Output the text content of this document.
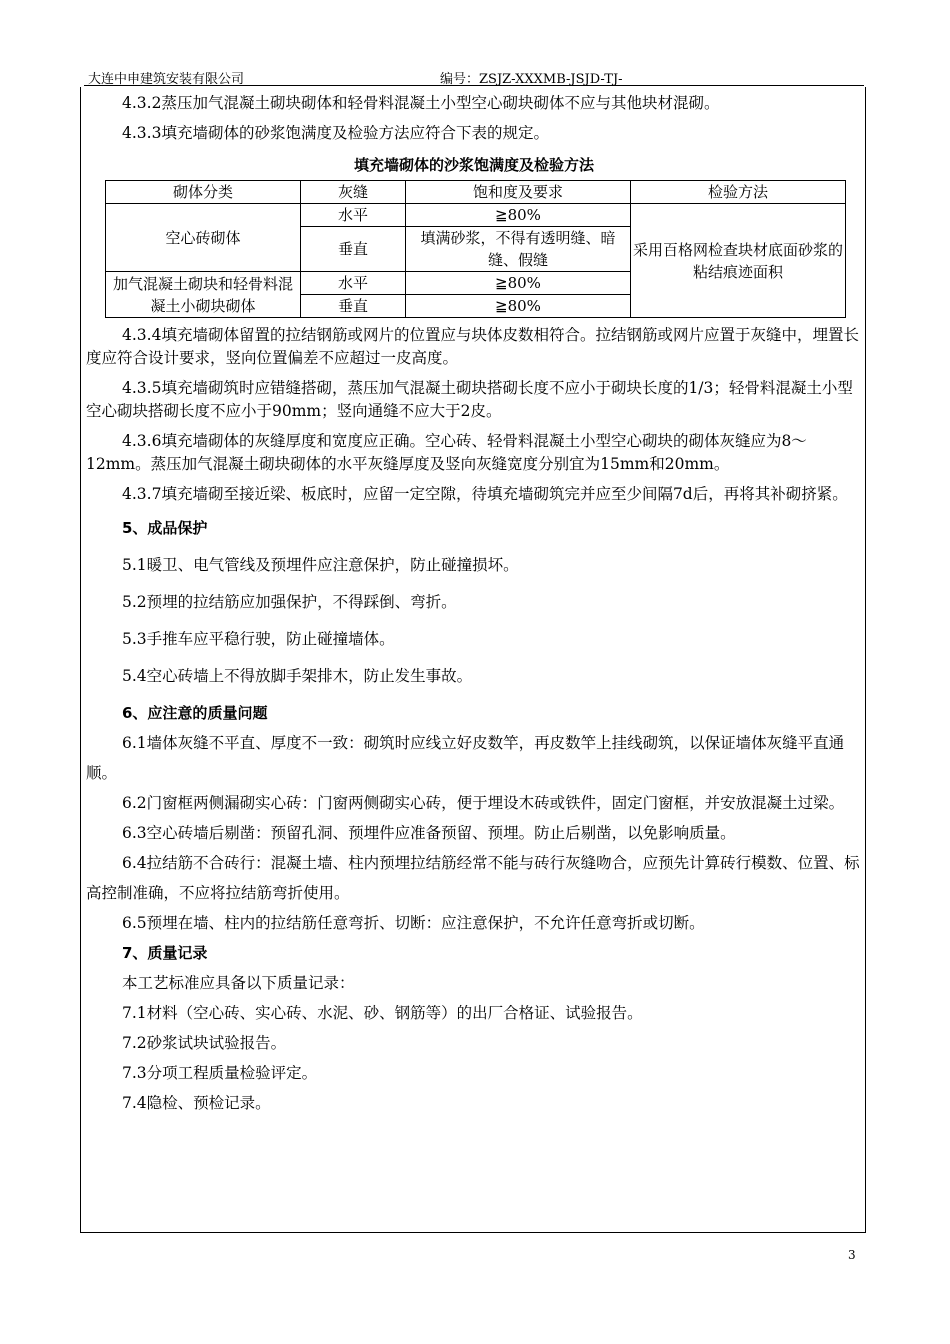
大连中申建筑安装有限公司	编号：ZSJZ-XXXMB-JSJD-TJ-

4.3.2蒸压加气混凝土砌块砌体和轻骨料混凝土小型空心砌块砌体不应与其他块材混砌。

4.3.3填充墙砌体的砂浆饱满度及检验方法应符合下表的规定。

填充墙砌体的沙浆饱满度及检验方法

砌体分类	灰缝	饱和度及要求	检验方法
空心砖砌体	水平	≧80%	采用百格网检查块材底面砂浆的粘结痕迹面积
	垂直	填满砂浆，不得有透明缝、暗缝、假缝	
加气混凝土砌块和轻骨料混凝土小砌块砌体	水平	≧80%	
	垂直	≧80%	

4.3.4填充墙砌体留置的拉结钢筋或网片的位置应与块体皮数相符合。拉结钢筋或网片应置于灰缝中，埋置长度应符合设计要求，竖向位置偏差不应超过一皮高度。

4.3.5填充墙砌筑时应错缝搭砌，蒸压加气混凝土砌块搭砌长度不应小于砌块长度的1/3；轻骨料混凝土小型空心砌块搭砌长度不应小于90mm；竖向通缝不应大于2皮。

4.3.6填充墙砌体的灰缝厚度和宽度应正确。空心砖、轻骨料混凝土小型空心砌块的砌体灰缝应为8～12mm。蒸压加气混凝土砌块砌体的水平灰缝厚度及竖向灰缝宽度分别宜为15mm和20mm。

4.3.7填充墙砌至接近梁、板底时，应留一定空隙，待填充墙砌筑完并应至少间隔7d后，再将其补砌挤紧。

5、成品保护

5.1暖卫、电气管线及预埋件应注意保护，防止碰撞损坏。

5.2预埋的拉结筋应加强保护，不得踩倒、弯折。

5.3手推车应平稳行驶，防止碰撞墙体。

5.4空心砖墙上不得放脚手架排木，防止发生事故。

6、应注意的质量问题

6.1墙体灰缝不平直、厚度不一致：砌筑时应线立好皮数竿，再皮数竿上挂线砌筑，以保证墙体灰缝平直通顺。

6.2门窗框两侧漏砌实心砖：门窗两侧砌实心砖，便于埋设木砖或铁件，固定门窗框，并安放混凝土过梁。

6.3空心砖墙后剔凿：预留孔洞、预埋件应准备预留、预埋。防止后剔凿，以免影响质量。

6.4拉结筋不合砖行：混凝土墙、柱内预埋拉结筋经常不能与砖行灰缝吻合，应预先计算砖行模数、位置、标高控制准确，不应将拉结筋弯折使用。

6.5预埋在墙、柱内的拉结筋任意弯折、切断：应注意保护，不允许任意弯折或切断。

7、质量记录

本工艺标准应具备以下质量记录：

7.1材料（空心砖、实心砖、水泥、砂、钢筋等）的出厂合格证、试验报告。

7.2砂浆试块试验报告。

7.3分项工程质量检验评定。

7.4隐检、预检记录。

3
